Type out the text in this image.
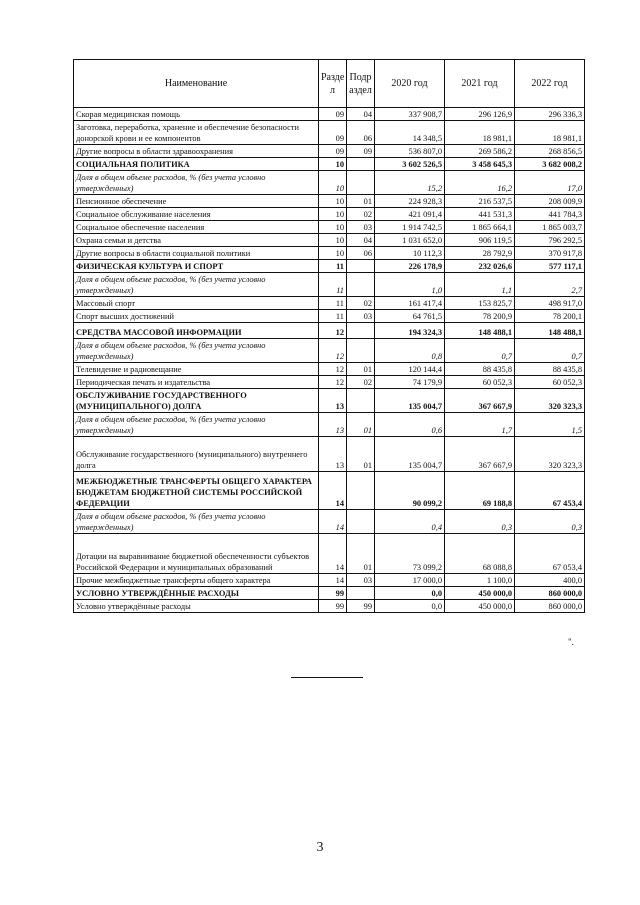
Наименование	Разде л	Подр аздел	2020 год	2021 год	2022 год
Скорая медицинская помощь	09	04	337 908,7	296 126,9	296 336,3
Заготовка, переработка, хранение и обеспечение безопасности донорской крови и ее компонентов	09	06	14 348,5	18 981,1	18 981,1
Другие вопросы в области здравоохранения	09	09	536 807,0	269 586,2	268 856,5
СОЦИАЛЬНАЯ ПОЛИТИКА	10		3 602 526,5	3 458 645,3	3 682 008,2
Доля в общем объеме расходов, % (без учета условно утвержденных)	10		15,2	16,2	17,0
Пенсионное обеспечение	10	01	224 928,3	216 537,5	208 009,9
Социальное обслуживание населения	10	02	421 091,4	441 531,3	441 784,3
Социальное обеспечение населения	10	03	1 914 742,5	1 865 664,1	1 865 003,7
Охрана семьи и детства	10	04	1 031 652,0	906 119,5	796 292,5
Другие вопросы в области социальной политики	10	06	10 112,3	28 792,9	370 917,8
ФИЗИЧЕСКАЯ КУЛЬТУРА И СПОРТ	11		226 178,9	232 026,6	577 117,1
Доля в общем объеме расходов, % (без учета условно утвержденных)	11		1,0	1,1	2,7
Массовый спорт	11	02	161 417,4	153 825,7	498 917,0
Спорт высших достижений	11	03	64 761,5	78 200,9	78 200,1
СРЕДСТВА МАССОВОЙ ИНФОРМАЦИИ	12		194 324,3	148 488,1	148 488,1
Доля в общем объеме расходов, % (без учета условно утвержденных)	12		0,8	0,7	0,7
Телевидение и радиовещание	12	01	120 144,4	88 435,8	88 435,8
Периодическая печать и издательства	12	02	74 179,9	60 052,3	60 052,3
ОБСЛУЖИВАНИЕ ГОСУДАРСТВЕННОГО (МУНИЦИПАЛЬНОГО) ДОЛГА	13		135 004,7	367 667,9	320 323,3
Доля в общем объеме расходов, % (без учета условно утвержденных)	13	01	0,6	1,7	1,5
Обслуживание государственного (муниципального) внутреннего долга	13	01	135 004,7	367 667,9	320 323,3
МЕЖБЮДЖЕТНЫЕ ТРАНСФЕРТЫ ОБЩЕГО ХАРАКТЕРА БЮДЖЕТАМ БЮДЖЕТНОЙ СИСТЕМЫ РОССИЙСКОЙ ФЕДЕРАЦИИ	14		90 099,2	69 188,8	67 453,4
Доля в общем объеме расходов, % (без учета условно утвержденных)	14		0,4	0,3	0,3
Дотации на выравнивание бюджетной обеспеченности субъектов Российской Федерации и муниципальных образований	14	01	73 099,2	68 088,8	67 053,4
Прочие межбюджетные трансферты общего характера	14	03	17 000,0	1 100,0	400,0
УСЛОВНО УТВЕРЖДЁННЫЕ РАСХОДЫ	99		0,0	450 000,0	860 000,0
Условно утверждённые расходы	99	99	0,0	450 000,0	860 000,0
".
3
